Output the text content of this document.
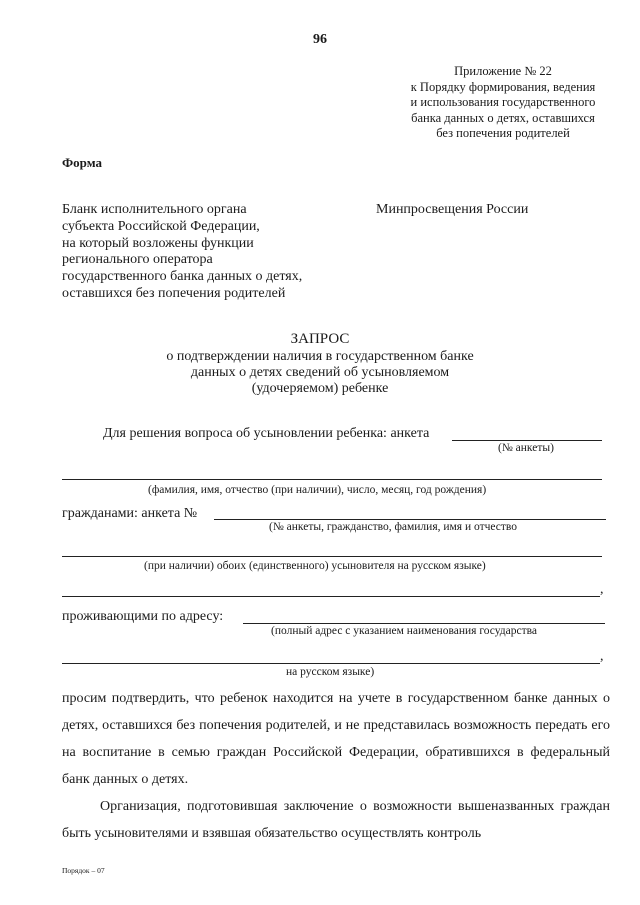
96
Приложение № 22
к Порядку формирования, ведения
и использования государственного
банка данных о детях, оставшихся
без попечения родителей
Форма
Бланк исполнительного органа
субъекта Российской Федерации,
на который возложены функции
регионального оператора
государственного банка данных о детях,
оставшихся без попечения родителей
Минпросвещения России
ЗАПРОС
о подтверждении наличия в государственном банке
данных о детях сведений об усыновляемом
(удочеряемом) ребенке
Для решения вопроса об усыновлении ребенка: анкета
(№ анкеты)
(фамилия, имя, отчество (при наличии), число, месяц, год рождения)
гражданами: анкета №
(№ анкеты, гражданство, фамилия, имя и отчество
(при наличии) обоих (единственного) усыновителя на русском языке)
,
проживающими по адресу:
(полный адрес с указанием наименования государства
,
на русском языке)
просим подтвердить, что ребенок находится на учете в государственном банке данных о детях, оставшихся без попечения родителей, и не представилась возможность передать его на воспитание в семью граждан Российской Федерации, обратившихся в федеральный банк данных о детях.
Организация, подготовившая заключение о возможности вышеназванных граждан быть усыновителями и взявшая обязательство осуществлять контроль
Порядок – 07
